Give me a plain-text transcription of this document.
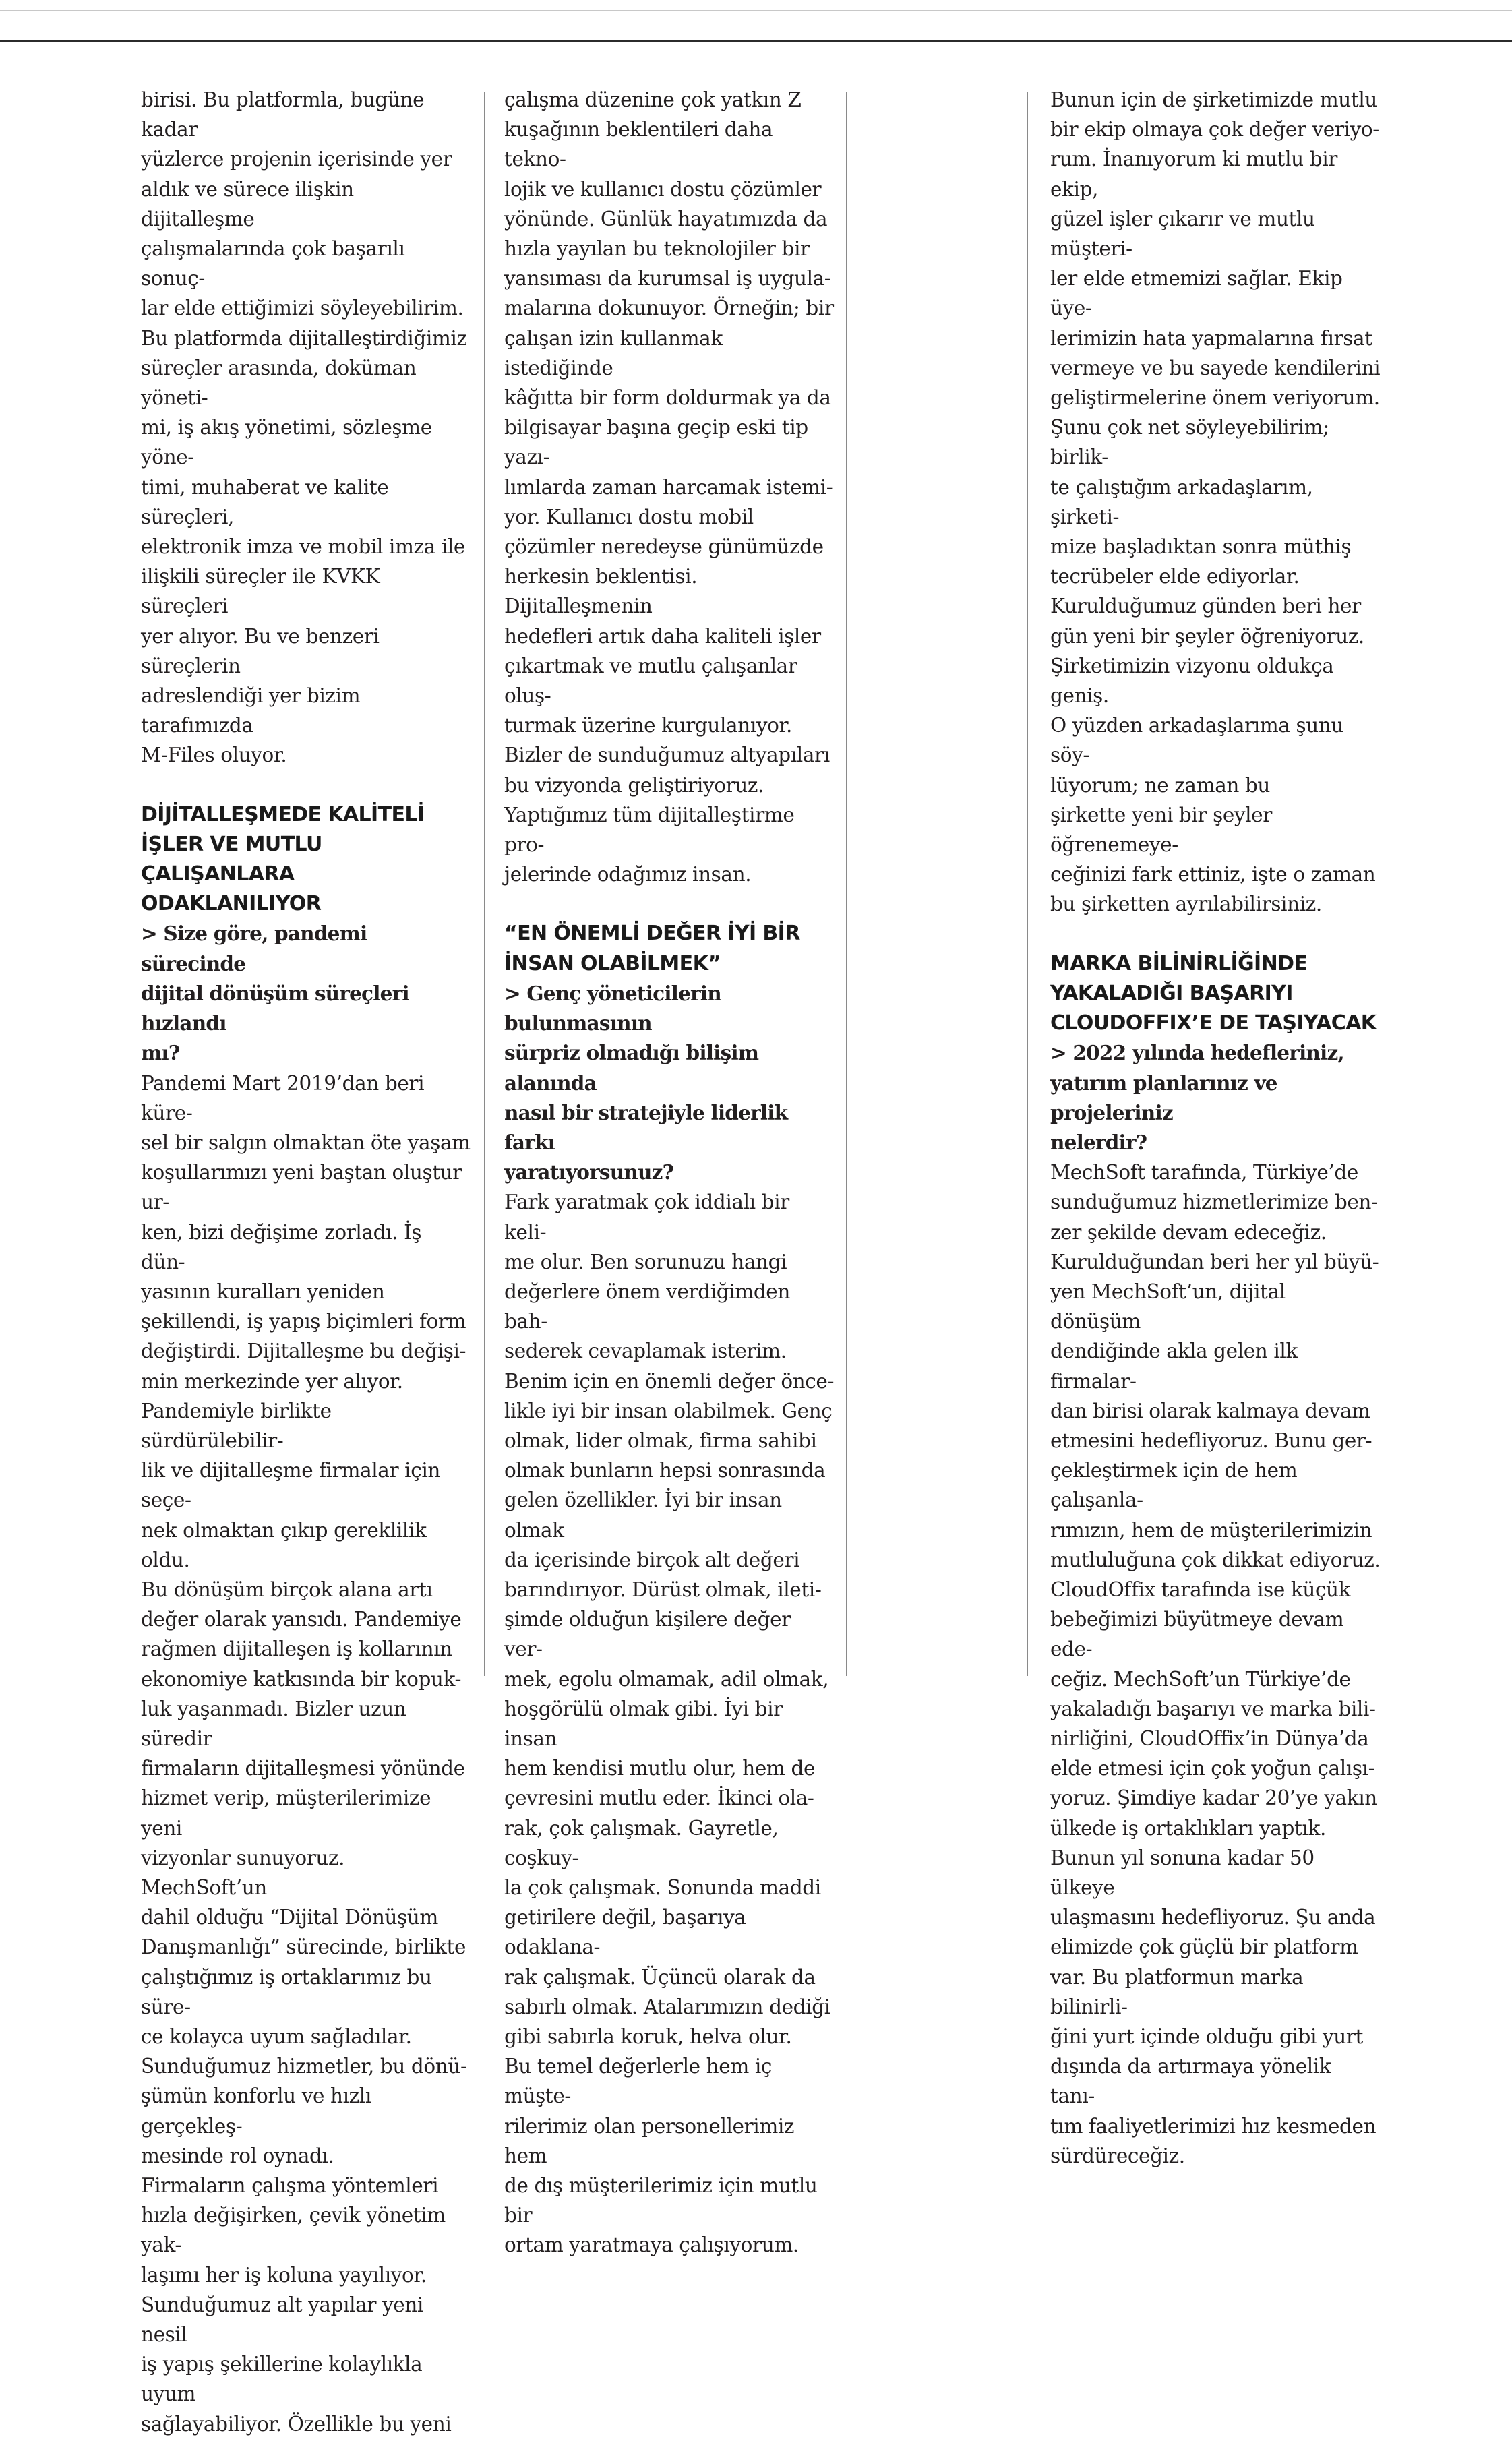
birisi. Bu platformla, bugüne kadar

yüzlerce projenin içerisinde yer

aldık ve sürece ilişkin dijitalleşme

çalışmalarında çok başarılı sonuç-

lar elde ettiğimizi söyleyebilirim.

Bu platformda dijitalleştirdiğimiz

süreçler arasında, doküman yöneti-

mi, iş akış yönetimi, sözleşme yöne-

timi, muhaberat ve kalite süreçleri,

elektronik imza ve mobil imza ile

ilişkili süreçler ile KVKK süreçleri

yer alıyor. Bu ve benzeri süreçlerin

adreslendiği yer bizim tarafımızda

M-Files oluyor.

DİJİTALLEŞMEDE KALİTELİ
İŞLER VE MUTLU
ÇALIŞANLARA
ODAKLANILIYOR

> Size göre, pandemi sürecinde

dijital dönüşüm süreçleri hızlandı

mı?

Pandemi Mart 2019’dan beri küre-

sel bir salgın olmaktan öte yaşam

koşullarımızı yeni baştan oluştur ur-

ken, bizi değişime zorladı. İş dün-

yasının kuralları yeniden

şekillendi, iş yapış biçimleri form

değiştirdi. Dijitalleşme bu değişi-

min merkezinde yer alıyor.

Pandemiyle birlikte sürdürülebilir-

lik ve dijitalleşme firmalar için seçe-

nek olmaktan çıkıp gereklilik oldu.

Bu dönüşüm birçok alana artı

değer olarak yansıdı. Pandemiye

rağmen dijitalleşen iş kollarının

ekonomiye katkısında bir kopuk-

luk yaşanmadı. Bizler uzun süredir

firmaların dijitalleşmesi yönünde

hizmet verip, müşterilerimize yeni

vizyonlar sunuyoruz. MechSoft’un

dahil olduğu “Dijital Dönüşüm

Danışmanlığı” sürecinde, birlikte

çalıştığımız iş ortaklarımız bu süre-

ce kolayca uyum sağladılar.

Sunduğumuz hizmetler, bu dönü-

şümün konforlu ve hızlı gerçekleş-

mesinde rol oynadı.

Firmaların çalışma yöntemleri

hızla değişirken, çevik yönetim yak-

laşımı her iş koluna yayılıyor.

Sunduğumuz alt yapılar yeni nesil

iş yapış şekillerine kolaylıkla uyum

sağlayabiliyor. Özellikle bu yeni

çalışma düzenine çok yatkın Z

kuşağının beklentileri daha tekno-

lojik ve kullanıcı dostu çözümler

yönünde. Günlük hayatımızda da

hızla yayılan bu teknolojiler bir

yansıması da kurumsal iş uygula-

malarına dokunuyor. Örneğin; bir

çalışan izin kullanmak istediğinde

kâğıtta bir form doldurmak ya da

bilgisayar başına geçip eski tip yazı-

lımlarda zaman harcamak istemi-

yor. Kullanıcı dostu mobil

çözümler neredeyse günümüzde

herkesin beklentisi. Dijitalleşmenin

hedefleri artık daha kaliteli işler

çıkartmak ve mutlu çalışanlar oluş-

turmak üzerine kurgulanıyor.

Bizler de sunduğumuz altyapıları

bu vizyonda geliştiriyoruz.

Yaptığımız tüm dijitalleştirme pro-

jelerinde odağımız insan.

“EN ÖNEMLİ DEĞER İYİ BİR
İNSAN OLABİLMEK”

> Genç yöneticilerin bulunmasının

sürpriz olmadığı bilişim alanında

nasıl bir stratejiyle liderlik farkı

yaratıyorsunuz?

Fark yaratmak çok iddialı bir keli-

me olur. Ben sorunuzu hangi

değerlere önem verdiğimden bah-

sederek cevaplamak isterim.

Benim için en önemli değer önce-

likle iyi bir insan olabilmek. Genç

olmak, lider olmak, firma sahibi

olmak bunların hepsi sonrasında

gelen özellikler. İyi bir insan olmak

da içerisinde birçok alt değeri

barındırıyor. Dürüst olmak, ileti-

şimde olduğun kişilere değer ver-

mek, egolu olmamak, adil olmak,

hoşgörülü olmak gibi. İyi bir insan

hem kendisi mutlu olur, hem de

çevresini mutlu eder. İkinci ola-

rak, çok çalışmak. Gayretle, coşkuy-

la çok çalışmak. Sonunda maddi

getirilere değil, başarıya odaklana-

rak çalışmak. Üçüncü olarak da

sabırlı olmak. Atalarımızın dediği

gibi sabırla koruk, helva olur.

Bu temel değerlerle hem iç müşte-

rilerimiz olan personellerimiz hem

de dış müşterilerimiz için mutlu bir

ortam yaratmaya çalışıyorum.

Bunun için de şirketimizde mutlu

bir ekip olmaya çok değer veriyo-

rum. İnanıyorum ki mutlu bir ekip,

güzel işler çıkarır ve mutlu müşteri-

ler elde etmemizi sağlar. Ekip üye-

lerimizin hata yapmalarına fırsat

vermeye ve bu sayede kendilerini

geliştirmelerine önem veriyorum.

Şunu çok net söyleyebilirim; birlik-

te çalıştığım arkadaşlarım, şirketi-

mize başladıktan sonra müthiş

tecrübeler elde ediyorlar.

Kurulduğumuz günden beri her

gün yeni bir şeyler öğreniyoruz.

Şirketimizin vizyonu oldukça geniş.

O yüzden arkadaşlarıma şunu söy-

lüyorum; ne zaman bu

şirkette yeni bir şeyler öğrenemeye-

ceğinizi fark ettiniz, işte o zaman

bu şirketten ayrılabilirsiniz.

MARKA BİLİNİRLİĞİNDE
YAKALADIĞI BAŞARIYI
CLOUDOFFIX’E DE TAŞIYACAK

> 2022 yılında hedefleriniz,

yatırım planlarınız ve projeleriniz

nelerdir?

MechSoft tarafında, Türkiye’de

sunduğumuz hizmetlerimize ben-

zer şekilde devam edeceğiz.

Kurulduğundan beri her yıl büyü-

yen MechSoft’un, dijital dönüşüm

dendiğinde akla gelen ilk firmalar-

dan birisi olarak kalmaya devam

etmesini hedefliyoruz. Bunu ger-

çekleştirmek için de hem çalışanla-

rımızın, hem de müşterilerimizin

mutluluğuna çok dikkat ediyoruz.

CloudOffix tarafında ise küçük

bebeğimizi büyütmeye devam ede-

ceğiz. MechSoft’un Türkiye’de

yakaladığı başarıyı ve marka bili-

nirliğini, CloudOffix’in Dünya’da

elde etmesi için çok yoğun çalışı-

yoruz. Şimdiye kadar 20’ye yakın

ülkede iş ortaklıkları yaptık.

Bunun yıl sonuna kadar 50 ülkeye

ulaşmasını hedefliyoruz. Şu anda

elimizde çok güçlü bir platform

var. Bu platformun marka bilinirli-

ğini yurt içinde olduğu gibi yurt

dışında da artırmaya yönelik tanı-

tım faaliyetlerimizi hız kesmeden

sürdüreceğiz.
